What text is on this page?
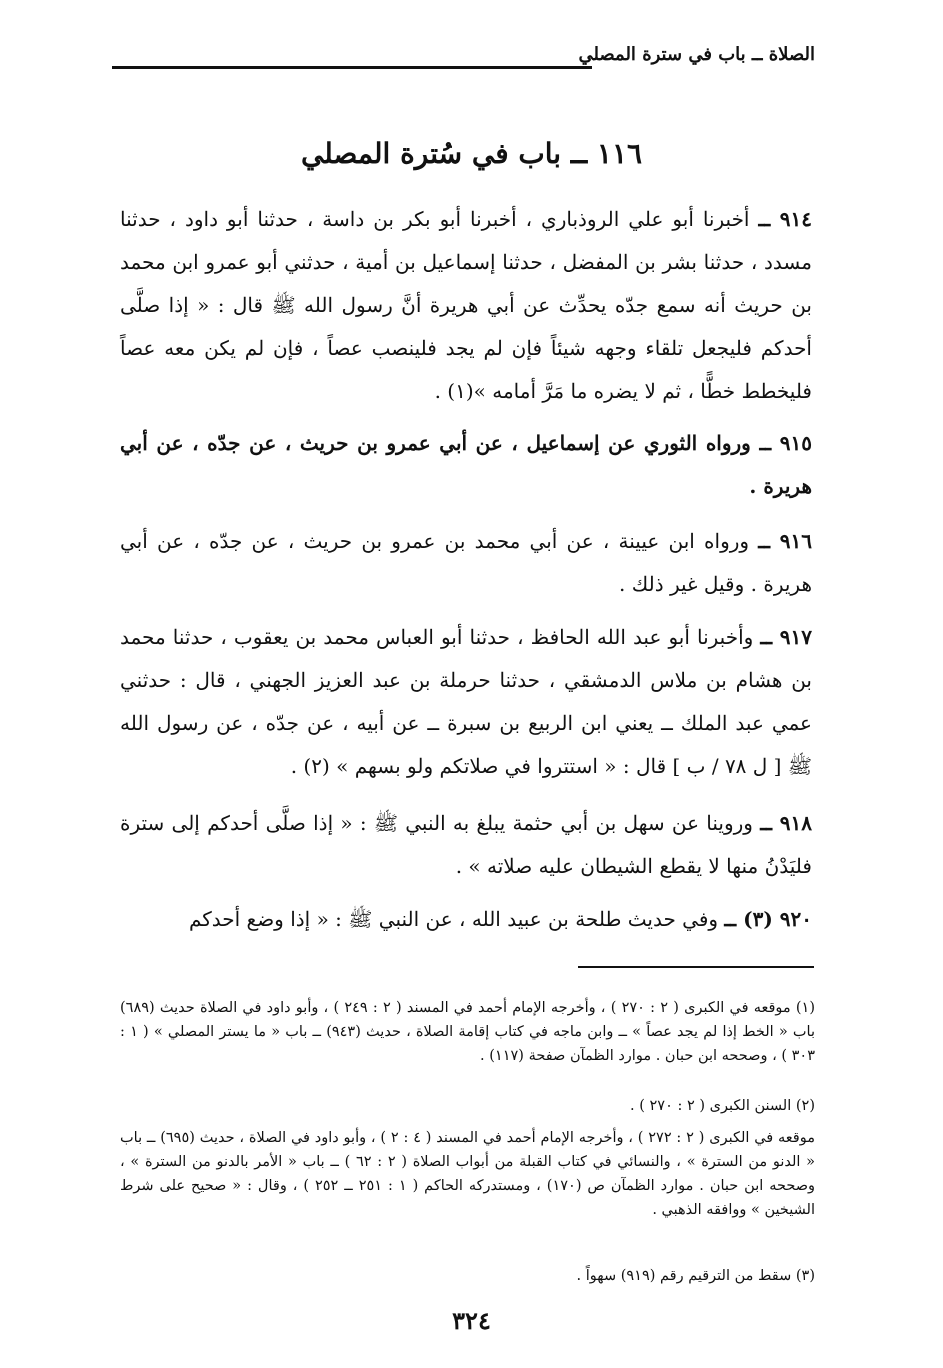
الصلاة ــ باب في سترة المصلي
١١٦ ــ باب في سُترة المصلي
٩١٤ ــ أخبرنا أبو علي الروذباري ، أخبرنا أبو بكر بن داسة ، حدثنا أبو داود ، حدثنا مسدد ، حدثنا بشر بن المفضل ، حدثنا إسماعيل بن أمية ، حدثني أبو عمرو ابن محمد بن حريث أنه سمع جدّه يحدِّث عن أبي هريرة أنَّ رسول الله ﷺ قال : « إذا صلَّى أحدكم فليجعل تلقاء وجهه شيئاً فإن لم يجد فلينصب عصاً ، فإن لم يكن معه عصاً فليخطط خطًّا ، ثم لا يضره ما مَرَّ أمامه »(١) .
٩١٥ ــ ورواه الثوري عن إسماعيل ، عن أبي عمرو بن حريث ، عن جدّه ، عن أبي هريرة .
٩١٦ ــ ورواه ابن عيينة ، عن أبي محمد بن عمرو بن حريث ، عن جدّه ، عن أبي هريرة . وقيل غير ذلك .
٩١٧ ــ وأخبرنا أبو عبد الله الحافظ ، حدثنا أبو العباس محمد بن يعقوب ، حدثنا محمد بن هشام بن ملاس الدمشقي ، حدثنا حرملة بن عبد العزيز الجهني ، قال : حدثني عمي عبد الملك ــ يعني ابن الربيع بن سبرة ــ عن أبيه ، عن جدّه ، عن رسول الله ﷺ [ ل ٧٨ / ب ] قال : « استتروا في صلاتكم ولو بسهم » (٢) .
٩١٨ ــ وروينا عن سهل بن أبي حثمة يبلغ به النبي ﷺ : « إذا صلَّى أحدكم إلى سترة فليَدْنُ منها لا يقطع الشيطان عليه صلاته » .
٩٢٠ (٣) ــ وفي حديث طلحة بن عبيد الله ، عن النبي ﷺ : « إذا وضع أحدكم
(١) موقعه في الكبرى ( ٢ : ٢٧٠ ) ، وأخرجه الإمام أحمد في المسند ( ٢ : ٢٤٩ ) ، وأبو داود في الصلاة حديث (٦٨٩) باب « الخط إذا لم يجد عصاً » ــ وابن ماجه في كتاب إقامة الصلاة ، حديث (٩٤٣) ــ باب « ما يستر المصلي » ( ١ : ٣٠٣ ) ، وصححه ابن حبان . موارد الظمآن صفحة (١١٧) .
(٢) السنن الكبرى ( ٢ : ٢٧٠ ) .
موقعه في الكبرى ( ٢ : ٢٧٢ ) ، وأخرجه الإمام أحمد في المسند ( ٤ : ٢ ) ، وأبو داود في الصلاة ، حديث (٦٩٥) ــ باب « الدنو من السترة » ، والنسائي في كتاب القبلة من أبواب الصلاة ( ٢ : ٦٢ ) ــ باب « الأمر بالدنو من السترة » ، وصححه ابن حبان . موارد الظمآن ص (١٧٠) ، ومستدركه الحاكم ( ١ : ٢٥١ ــ ٢٥٢ ) ، وقال : « صحيح على شرط الشيخين » ووافقه الذهبي .
(٣) سقط من الترقيم رقم (٩١٩) سهواً .
٣٢٤
